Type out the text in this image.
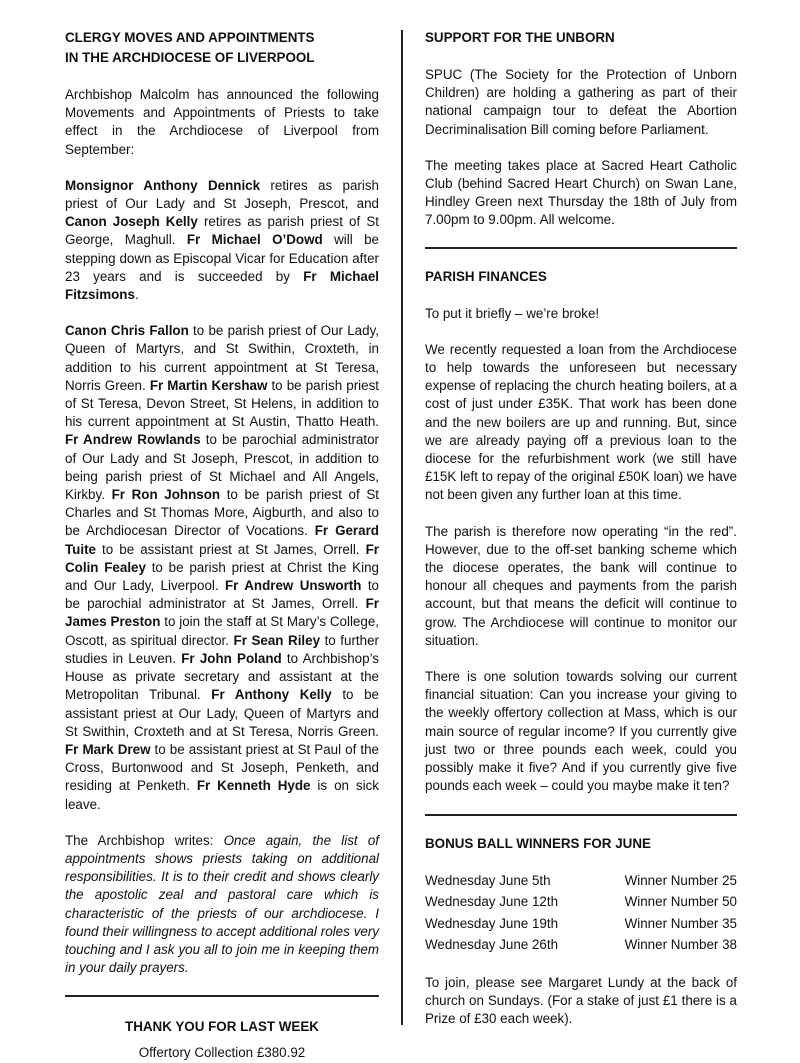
CLERGY MOVES AND APPOINTMENTS
IN THE ARCHDIOCESE OF LIVERPOOL

Archbishop Malcolm has announced the following Movements and Appointments of Priests to take effect in the Archdiocese of Liverpool from September:

Monsignor Anthony Dennick retires as parish priest of Our Lady and St Joseph, Prescot, and Canon Joseph Kelly retires as parish priest of St George, Maghull. Fr Michael O’Dowd will be stepping down as Episcopal Vicar for Education after 23 years and is succeeded by Fr Michael Fitzsimons.

Canon Chris Fallon to be parish priest of Our Lady, Queen of Martyrs, and St Swithin, Croxteth, in addition to his current appointment at St Teresa, Norris Green. Fr Martin Kershaw to be parish priest of St Teresa, Devon Street, St Helens, in addition to his current appointment at St Austin, Thatto Heath. Fr Andrew Rowlands to be parochial administrator of Our Lady and St Joseph, Prescot, in addition to being parish priest of St Michael and All Angels, Kirkby. Fr Ron Johnson to be parish priest of St Charles and St Thomas More, Aigburth, and also to be Archdiocesan Director of Vocations. Fr Gerard Tuite to be assistant priest at St James, Orrell. Fr Colin Fealey to be parish priest at Christ the King and Our Lady, Liverpool. Fr Andrew Unsworth to be parochial administrator at St James, Orrell. Fr James Preston to join the staff at St Mary’s College, Oscott, as spiritual director. Fr Sean Riley to further studies in Leuven. Fr John Poland to Archbishop’s House as private secretary and assistant at the Metropolitan Tribunal. Fr Anthony Kelly to be assistant priest at Our Lady, Queen of Martyrs and St Swithin, Croxteth and at St Teresa, Norris Green. Fr Mark Drew to be assistant priest at St Paul of the Cross, Burtonwood and St Joseph, Penketh, and residing at Penketh. Fr Kenneth Hyde is on sick leave.

The Archbishop writes: Once again, the list of appointments shows priests taking on additional responsibilities. It is to their credit and shows clearly the apostolic zeal and pastoral care which is characteristic of the priests of our archdiocese. I found their willingness to accept additional roles very touching and I ask you all to join me in keeping them in your daily prayers.

THANK YOU FOR LAST WEEK

Offertory Collection £380.92

SUPPORT FOR THE UNBORN

SPUC (The Society for the Protection of Unborn Children) are holding a gathering as part of their national campaign tour to defeat the Abortion Decriminalisation Bill coming before Parliament.

The meeting takes place at Sacred Heart Catholic Club (behind Sacred Heart Church) on Swan Lane, Hindley Green next Thursday the 18th of July from 7.00pm to 9.00pm. All welcome.

PARISH FINANCES

To put it briefly – we’re broke!

We recently requested a loan from the Archdiocese to help towards the unforeseen but necessary expense of replacing the church heating boilers, at a cost of just under £35K. That work has been done and the new boilers are up and running. But, since we are already paying off a previous loan to the diocese for the refurbishment work (we still have £15K left to repay of the original £50K loan) we have not been given any further loan at this time.

The parish is therefore now operating “in the red”. However, due to the off-set banking scheme which the diocese operates, the bank will continue to honour all cheques and payments from the parish account, but that means the deficit will continue to grow. The Archdiocese will continue to monitor our situation.

There is one solution towards solving our current financial situation: Can you increase your giving to the weekly offertory collection at Mass, which is our main source of regular income? If you currently give just two or three pounds each week, could you possibly make it five? And if you currently give five pounds each week – could you maybe make it ten?

BONUS BALL WINNERS FOR JUNE
Wednesday June 5th	Winner Number 25
Wednesday June 12th	Winner Number 50
Wednesday June 19th	Winner Number 35
Wednesday June 26th	Winner Number 38

To join, please see Margaret Lundy at the back of church on Sundays. (For a stake of just £1 there is a Prize of £30 each week).
